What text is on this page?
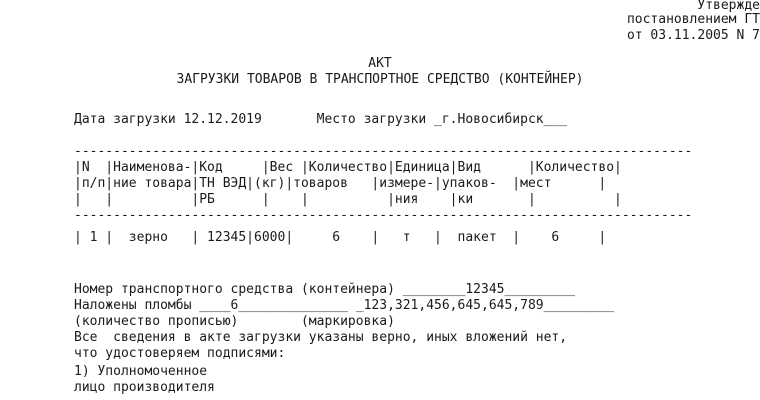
Утвержде
постановлением ГТ
от 03.11.2005 N 7
АКТ
ЗАГРУЗКИ ТОВАРОВ В ТРАНСПОРТНОЕ СРЕДСТВО (КОНТЕЙНЕР)
Дата загрузки 12.12.2019       Место загрузки _г.Новосибирск___
-------------------------------------------------------------------------------
|N  |Наименова-|Код     |Вес |Количество|Единица|Вид      |Количество|
|п/п|ние товара|ТН ВЭД|(кг)|товаров   |измере-|упаков-  |мест      |
|   |          |РБ      |    |          |ния    |ки       |          |
-------------------------------------------------------------------------------
| 1 |  зерно   | 12345|6000|     6    |   т   |  пакет  |    6     |
Номер транспортного средства (контейнера) ________12345_________
Наложены пломбы ____6______________ _123,321,456,645,645,789_________
(количество прописью)        (маркировка)
Все  сведения в акте загрузки указаны верно, иных вложений нет,
что удостоверяем подписями:
1) Уполномоченное
лицо производителя
